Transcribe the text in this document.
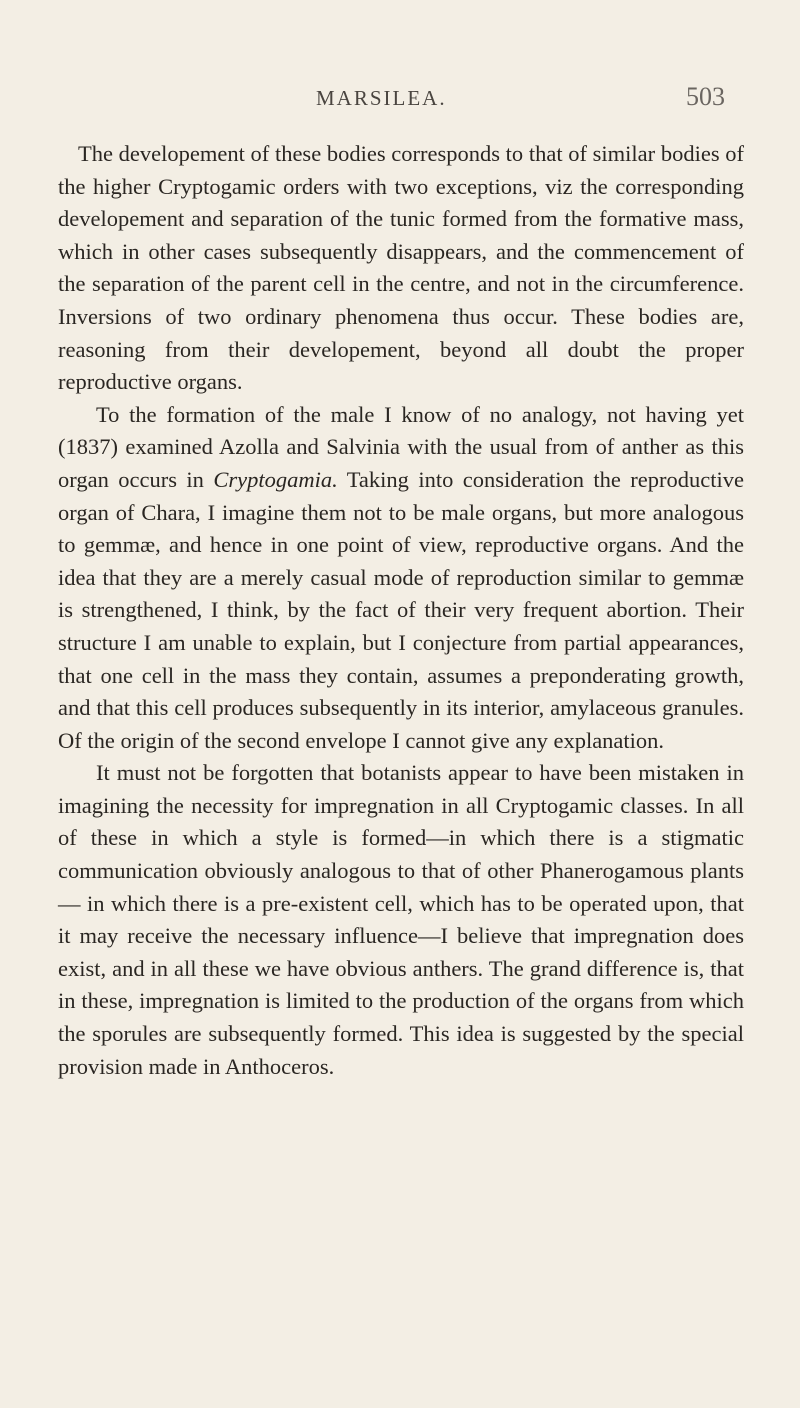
MARSILEA.	503

The developement of these bodies corresponds to that of similar bodies of the higher Cryptogamic orders with two exceptions, viz the corresponding developement and separation of the tunic formed from the formative mass, which in other cases subsequently disappears, and the commencement of the separation of the parent cell in the centre, and not in the circumference. Inversions of two ordinary phenomena thus occur. These bodies are, reasoning from their developement, beyond all doubt the proper reproductive organs.

To the formation of the male I know of no analogy, not having yet (1837) examined Azolla and Salvinia with the usual from of anther as this organ occurs in Cryptogamia. Taking into consideration the reproductive organ of Chara, I imagine them not to be male organs, but more analogous to gemmæ, and hence in one point of view, reproductive organs. And the idea that they are a merely casual mode of reproduction similar to gemmæ is strengthened, I think, by the fact of their very frequent abortion. Their structure I am unable to explain, but I conjecture from partial appearances, that one cell in the mass they contain, assumes a preponderating growth, and that this cell produces subsequently in its interior, amylaceous granules. Of the origin of the second envelope I cannot give any explanation.

It must not be forgotten that botanists appear to have been mistaken in imagining the necessity for impregnation in all Cryptogamic classes. In all of these in which a style is formed—in which there is a stigmatic communication obviously analogous to that of other Phanerogamous plants— in which there is a pre-existent cell, which has to be operated upon, that it may receive the necessary influence—I believe that impregnation does exist, and in all these we have obvious anthers. The grand difference is, that in these, impregnation is limited to the production of the organs from which the sporules are subsequently formed. This idea is suggested by the special provision made in Anthoceros.
